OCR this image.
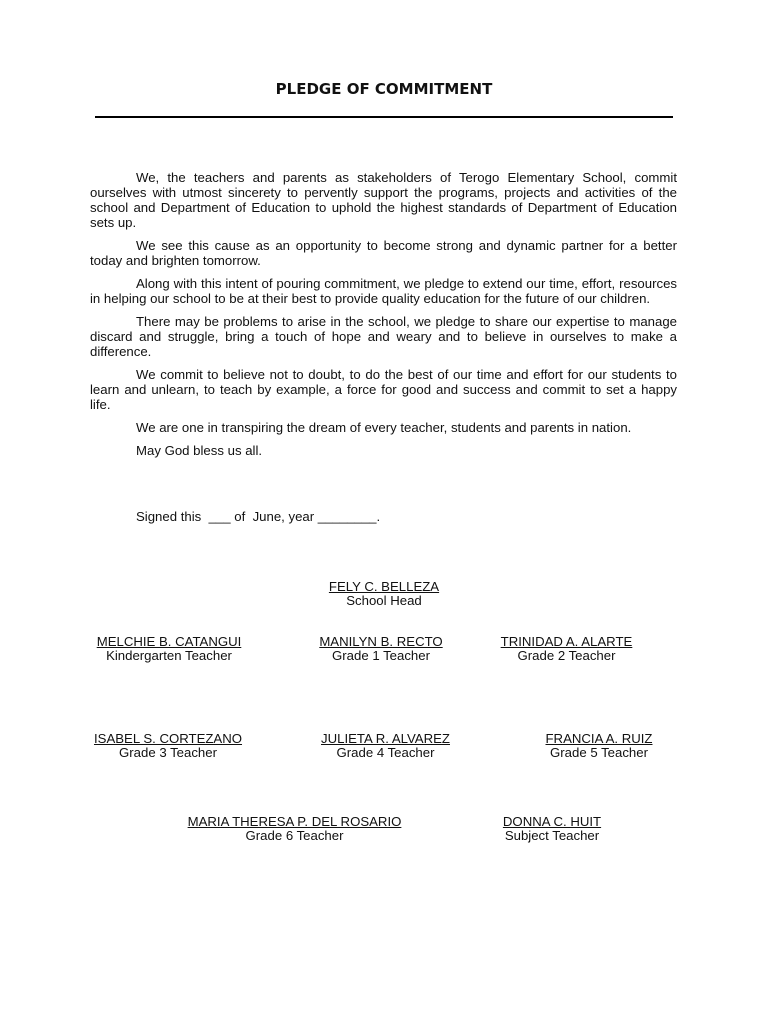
PLEDGE OF COMMITMENT

We, the teachers and parents as stakeholders of Terogo Elementary School, commit ourselves with utmost sincerety to pervently support the programs, projects and activities of the school and Department of Education to uphold the highest standards of Department of Education sets up.

We see this cause as an opportunity to become strong and dynamic partner for a better today and brighten tomorrow.

Along with this intent of pouring commitment, we pledge to extend our time, effort, resources in helping our school to be at their best to provide quality education for the future of our children.

There may be problems to arise in the school, we pledge to share our expertise to manage discard and struggle, bring a touch of hope and weary and to believe in ourselves to make a difference.

We commit to believe not to doubt, to do the best of our time and effort for our students to learn and unlearn, to teach by example, a force for good and success and commit to set a happy life.

We are one in transpiring the dream of every teacher, students and parents in nation.

May God bless us all.

Signed this  ___ of  June, year ________.
FELY C. BELLEZA
School Head
MELCHIE B. CATANGUI
Kindergarten Teacher
MANILYN B. RECTO
Grade 1 Teacher
TRINIDAD A. ALARTE
Grade 2 Teacher
ISABEL S. CORTEZANO
Grade 3 Teacher
JULIETA R. ALVAREZ
Grade 4 Teacher
FRANCIA A. RUIZ
Grade 5 Teacher
MARIA THERESA P. DEL ROSARIO
Grade 6 Teacher
DONNA C. HUIT
Subject Teacher
